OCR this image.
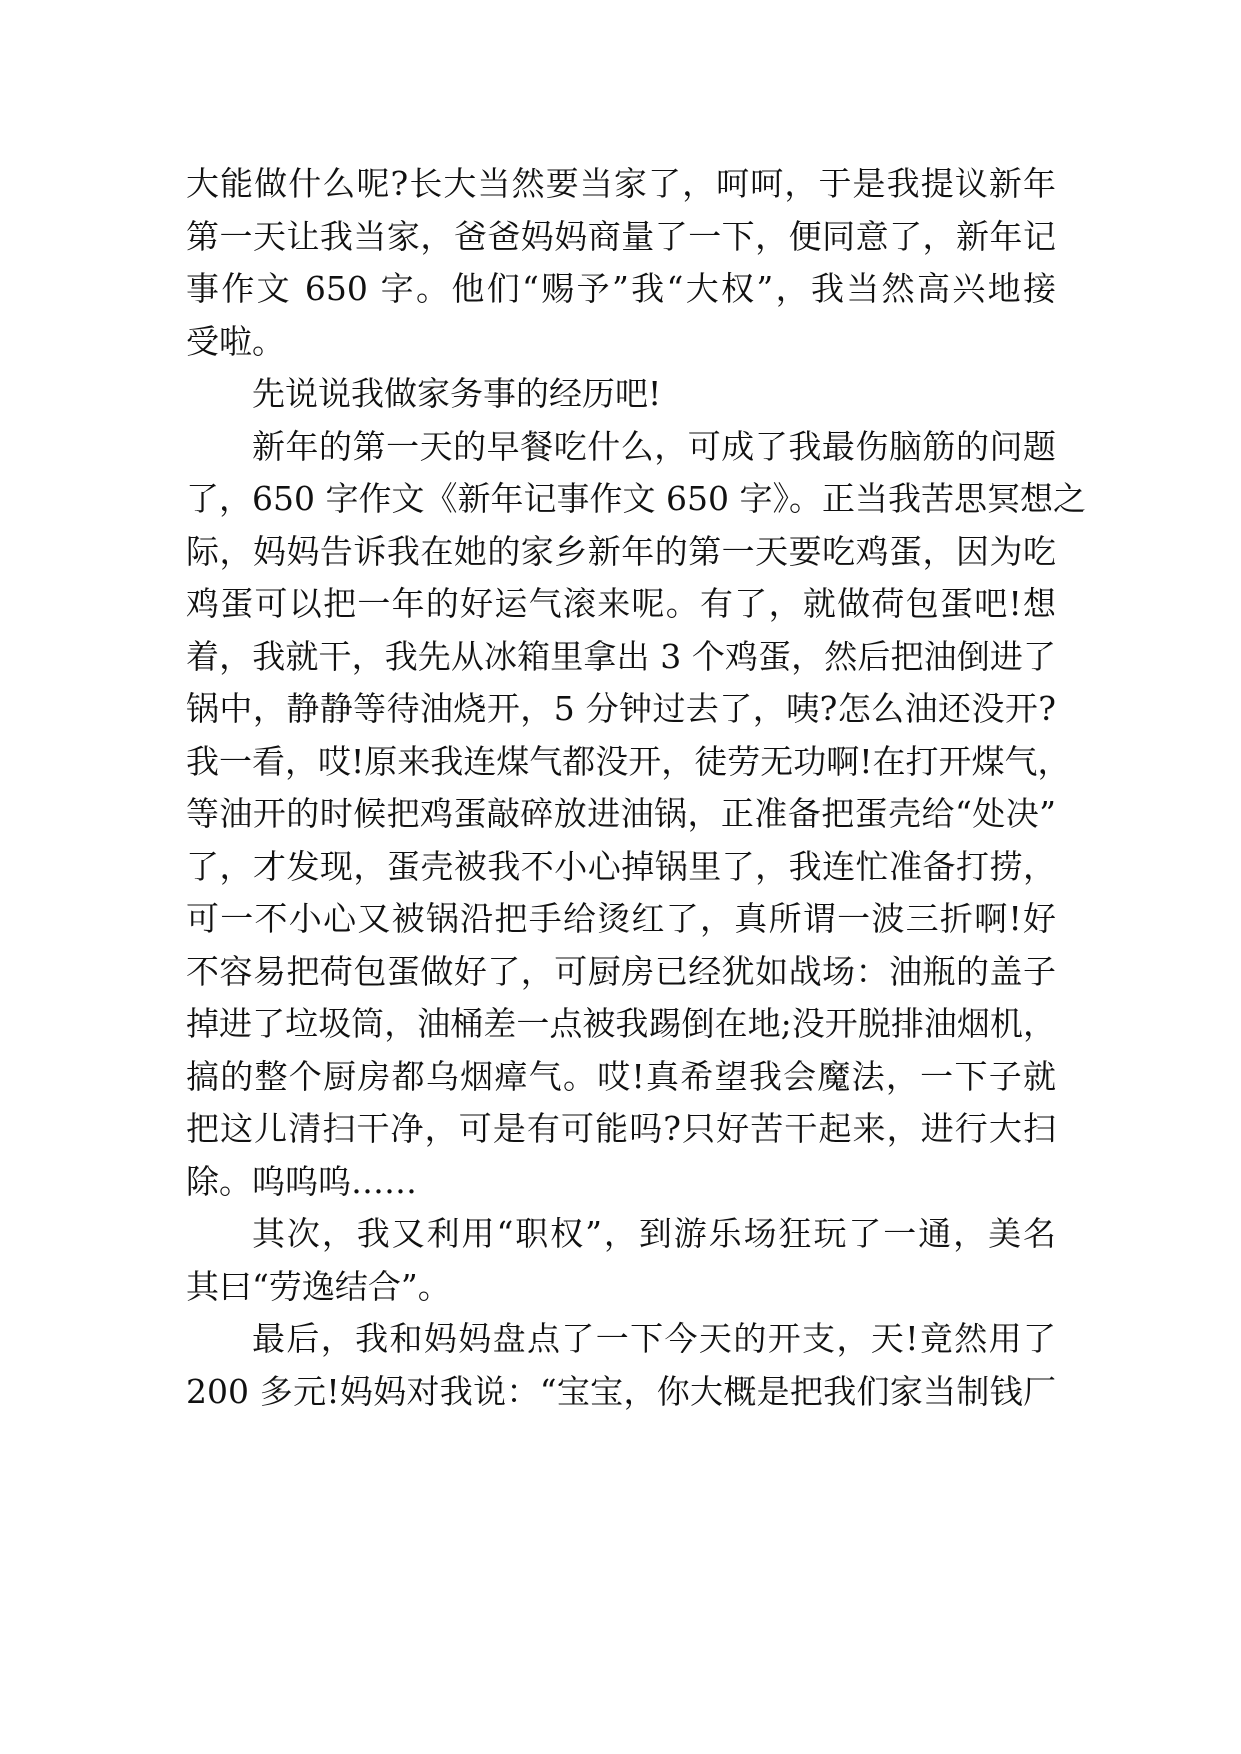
大能做什么呢?长大当然要当家了，呵呵，于是我提议新年
第一天让我当家，爸爸妈妈商量了一下，便同意了，新年记
事作文 650 字。他们“赐予”我“大权”，我当然高兴地接
受啦。
先说说我做家务事的经历吧!
新年的第一天的早餐吃什么，可成了我最伤脑筋的问题
了，650 字作文《新年记事作文 650 字》。正当我苦思冥想之
际，妈妈告诉我在她的家乡新年的第一天要吃鸡蛋，因为吃
鸡蛋可以把一年的好运气滚来呢。有了，就做荷包蛋吧!想
着，我就干，我先从冰箱里拿出 3 个鸡蛋，然后把油倒进了
锅中，静静等待油烧开，5 分钟过去了，咦?怎么油还没开?
我一看，哎!原来我连煤气都没开，徒劳无功啊!在打开煤气，
等油开的时候把鸡蛋敲碎放进油锅，正准备把蛋壳给“处决”
了，才发现，蛋壳被我不小心掉锅里了，我连忙准备打捞，
可一不小心又被锅沿把手给烫红了，真所谓一波三折啊!好
不容易把荷包蛋做好了，可厨房已经犹如战场：油瓶的盖子
掉进了垃圾筒，油桶差一点被我踢倒在地;没开脱排油烟机，
搞的整个厨房都乌烟瘴气。哎!真希望我会魔法，一下子就
把这儿清扫干净，可是有可能吗?只好苦干起来，进行大扫
除。呜呜呜……
其次，我又利用“职权”，到游乐场狂玩了一通，美名
其曰“劳逸结合”。
最后，我和妈妈盘点了一下今天的开支，天!竟然用了
200 多元!妈妈对我说：“宝宝，你大概是把我们家当制钱厂
